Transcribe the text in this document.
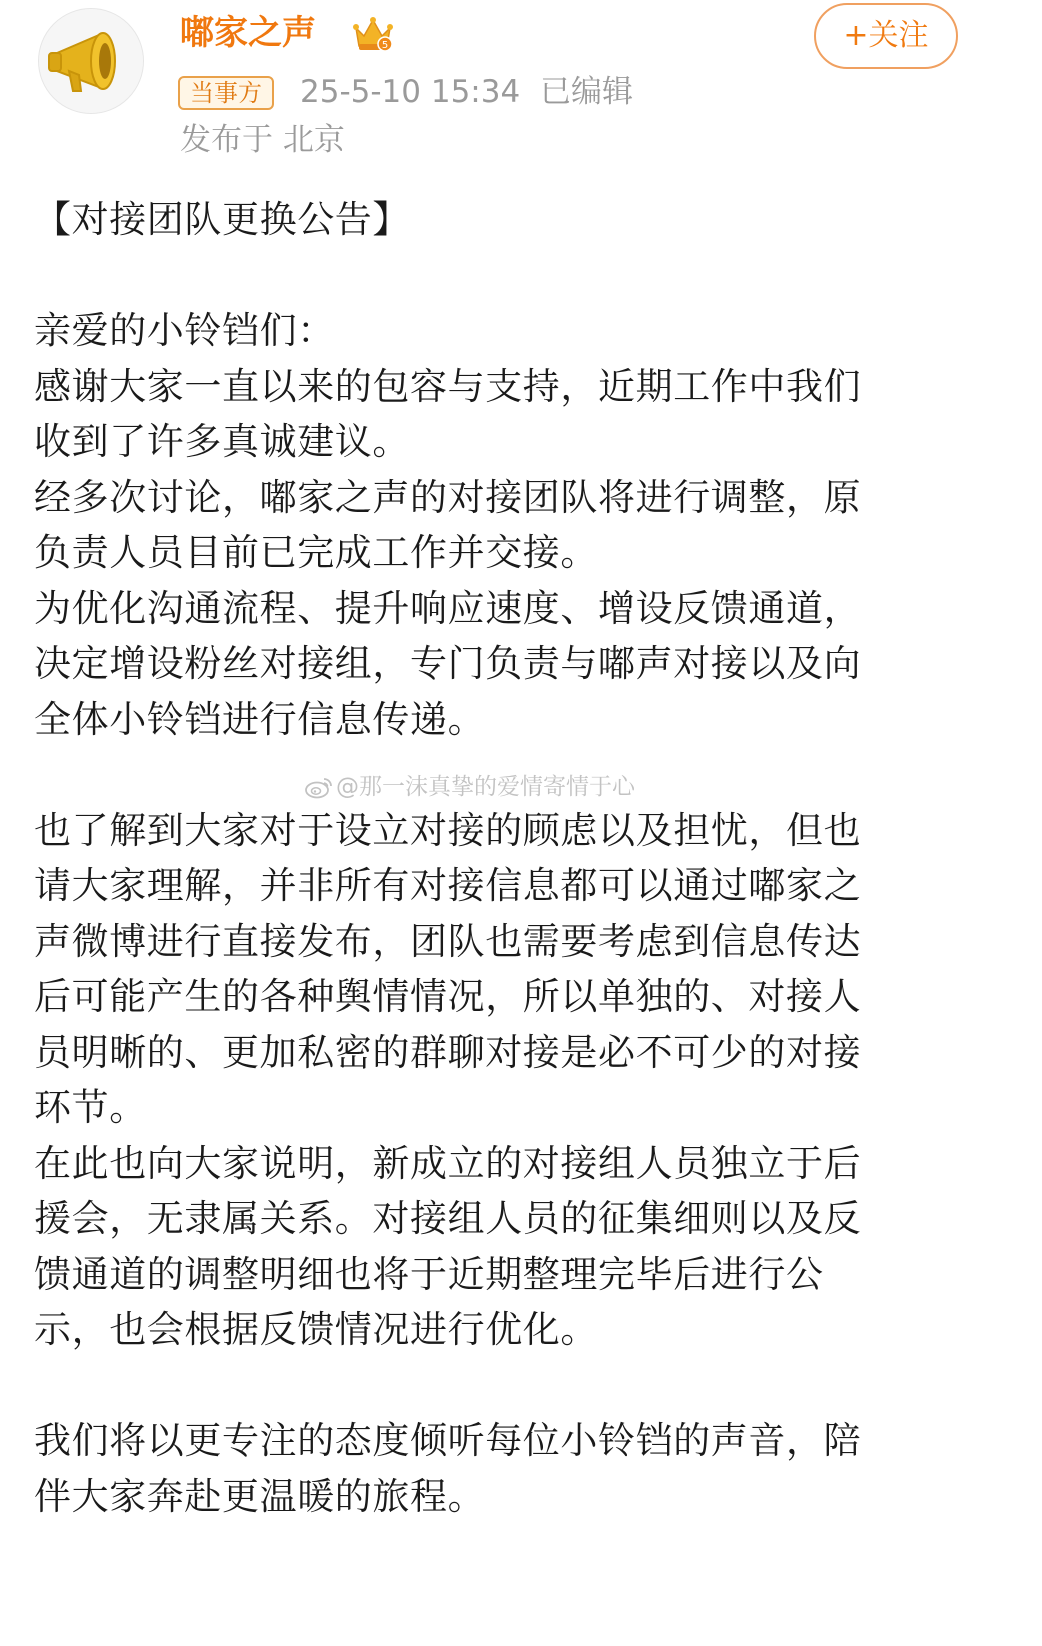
嘟家之声	5	+关注
当事方	25-5-10 15:34 已编辑
发布于 北京
【对接团队更换公告】
亲爱的小铃铛们：
感谢大家一直以来的包容与支持，近期工作中我们
收到了许多真诚建议。
经多次讨论，嘟家之声的对接团队将进行调整，原
负责人员目前已完成工作并交接。
为优化沟通流程、提升响应速度、增设反馈通道，
决定增设粉丝对接组，专门负责与嘟声对接以及向
全体小铃铛进行信息传递。
也了解到大家对于设立对接的顾虑以及担忧，但也
请大家理解，并非所有对接信息都可以通过嘟家之
声微博进行直接发布，团队也需要考虑到信息传达
后可能产生的各种舆情情况，所以单独的、对接人
员明晰的、更加私密的群聊对接是必不可少的对接
环节。
在此也向大家说明，新成立的对接组人员独立于后
援会，无隶属关系。对接组人员的征集细则以及反
馈通道的调整明细也将于近期整理完毕后进行公
示，也会根据反馈情况进行优化。
我们将以更专注的态度倾听每位小铃铛的声音，陪
伴大家奔赴更温暖的旅程。
@那一沫真挚的爱情寄情于心
